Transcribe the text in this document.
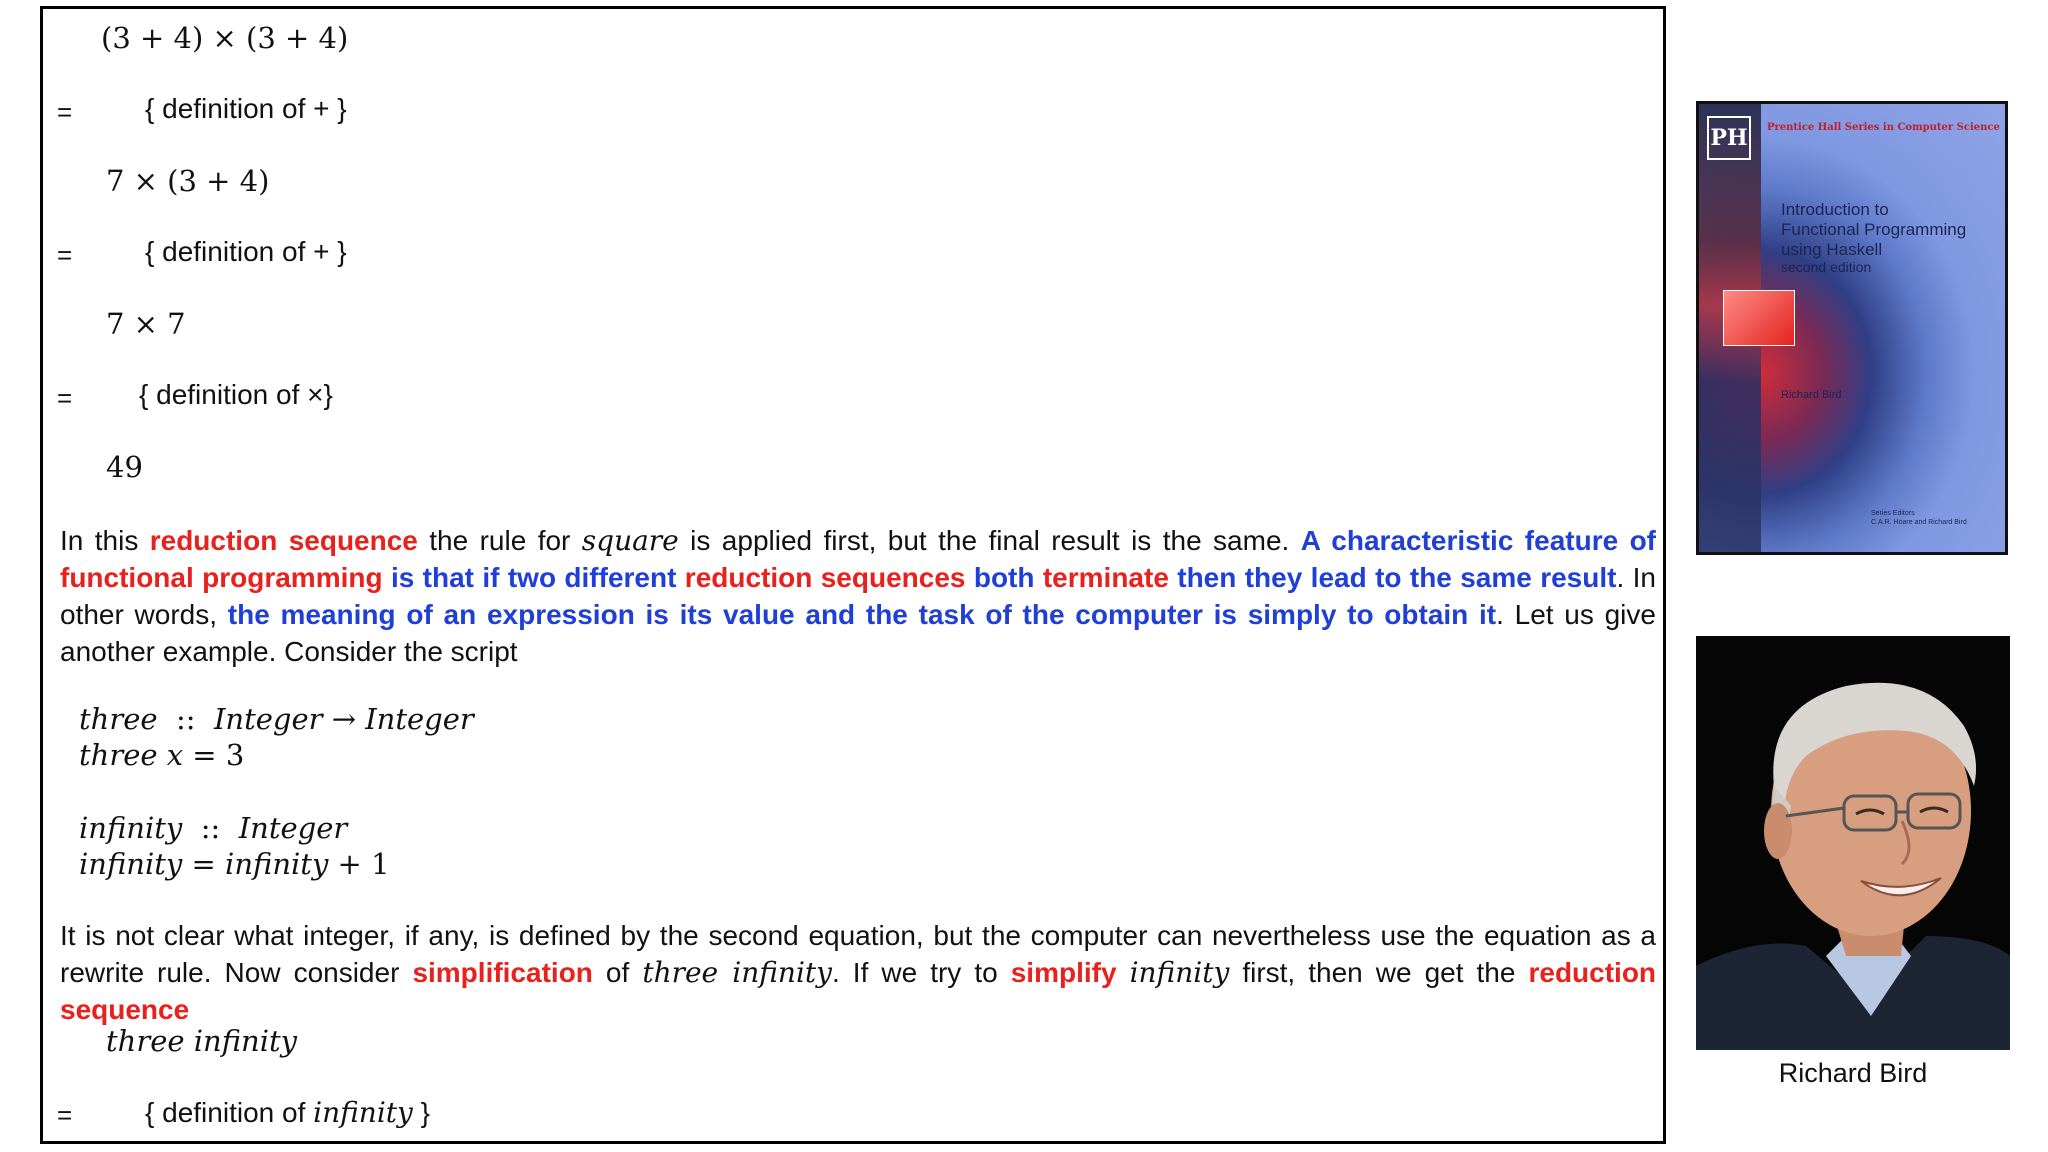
(3 + 4) × (3 + 4)
=	{ definition of + }
7 × (3 + 4)
=	{ definition of + }
7 × 7
= { definition of ×}
49
In this reduction sequence the rule for square is applied first, but the final result is the same. A characteristic feature of functional programming is that if two different reduction sequences both terminate then they lead to the same result. In other words, the meaning of an expression is its value and the task of the computer is simply to obtain it. Let us give another example. Consider the script
three  ::  Integer → Integer
three x = 3
infinity  ::  Integer
infinity = infinity + 1
It is not clear what integer, if any, is defined by the second equation, but the computer can nevertheless use the equation as a rewrite rule. Now consider simplification of three infinity. If we try to simplify infinity first, then we get the reduction sequence
three infinity
=	{ definition of infinity }
PH	Prentice Hall Series in Computer Science
Introduction to
Functional Programming
using Haskell
second edition
Richard Bird
Series Editors
C.A.R. Hoare and Richard Bird
Richard Bird
